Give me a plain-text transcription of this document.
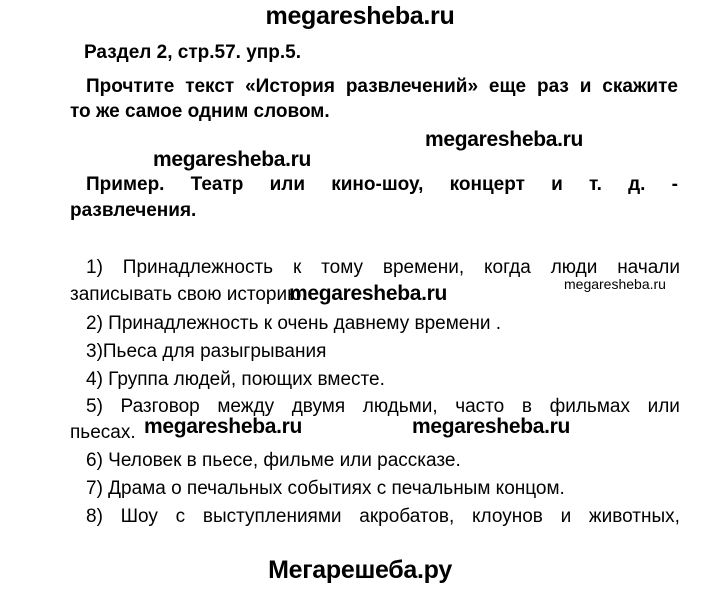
megaresheba.ru
Раздел 2, стр.57. упр.5.
Прочтите текст «История развлечений» еще раз и скажите
то же самое одним словом.
megaresheba.ru
megaresheba.ru
Пример. Театр или кино-шоу, концерт и т. д. -
развлечения.
1) Принадлежность к тому времени, когда люди начали
записывать свою историю.
megaresheba.ru	megaresheba.ru
2) Принадлежность к очень давнему времени .
3)Пьеса для разыгрывания
4) Группа людей, поющих вместе.
5) Разговор между двумя людьми, часто в фильмах или
пьесах. megaresheba.ru	megaresheba.ru
6) Человек в пьесе, фильме или рассказе.
7) Драма о печальных событиях с печальным концом.
8) Шоу с выступлениями акробатов, клоунов и животных,
Мегарешеба.ру
